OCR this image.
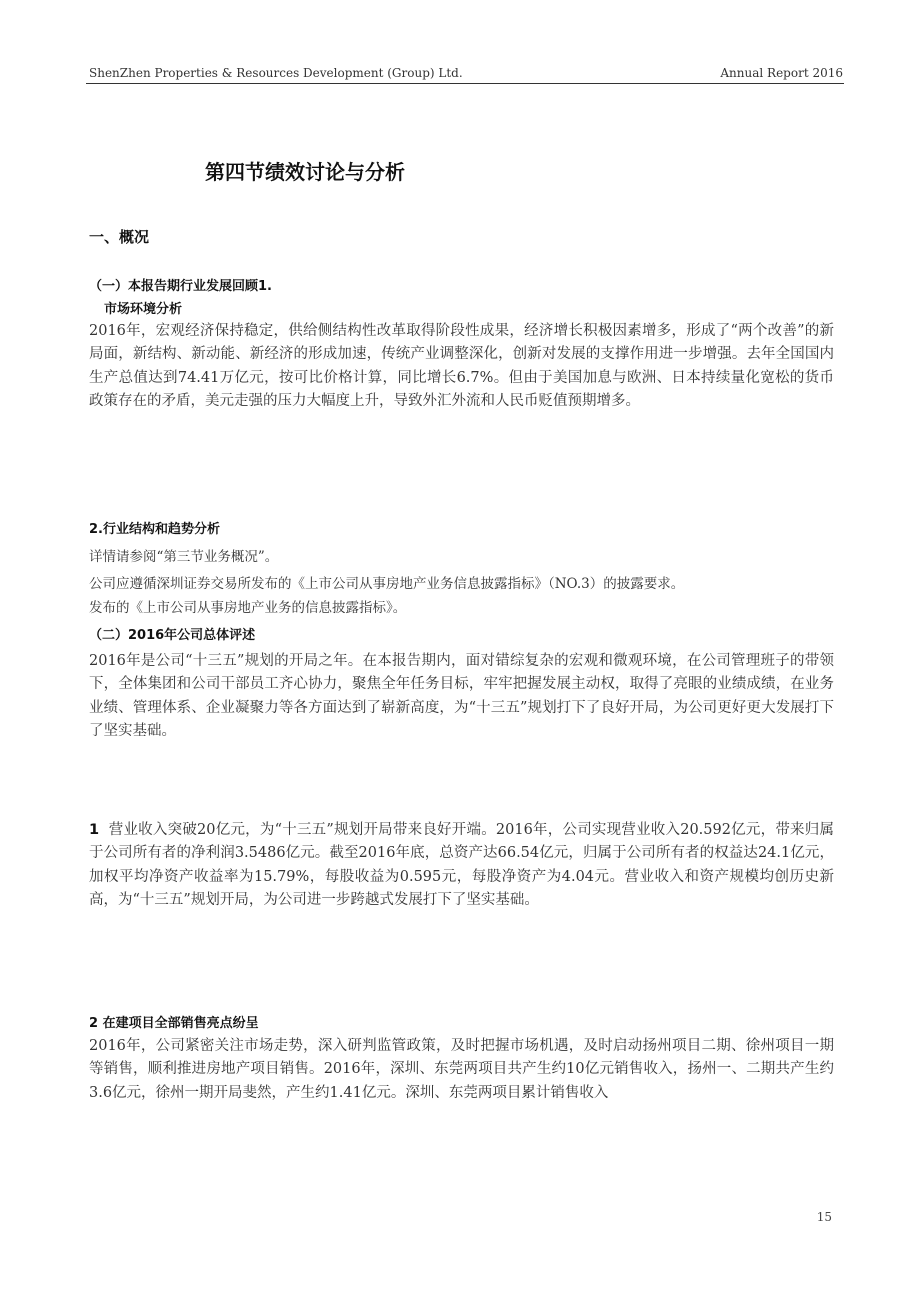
ShenZhen Properties & Resources Development (Group) Ltd.	Annual Report 2016
第四节绩效讨论与分析
一、概况
（一）本报告期行业发展回顾1.
市场环境分析
2016年，宏观经济保持稳定，供给侧结构性改革取得阶段性成果，经济增长积极因素增多，形成了“两个改善”的新局面，新结构、新动能、新经济的形成加速，传统产业调整深化，创新对发展的支撑作用进一步增强。去年全国国内生产总值达到74.41万亿元，按可比价格计算，同比增长6.7%。但由于美国加息与欧洲、日本持续量化宽松的货币政策存在的矛盾，美元走强的压力大幅度上升，导致外汇外流和人民币贬值预期增多。
2.行业结构和趋势分析
详情请参阅“第三节业务概况”。
公司应遵循深圳证券交易所发布的《上市公司从事房地产业务信息披露指标》（NO.3）的披露要求。
发布的《上市公司从事房地产业务的信息披露指标》。
（二）2016年公司总体评述
2016年是公司“十三五”规划的开局之年。在本报告期内，面对错综复杂的宏观和微观环境，在公司管理班子的带领下，全体集团和公司干部员工齐心协力，聚焦全年任务目标，牢牢把握发展主动权，取得了亮眼的业绩成绩，在业务业绩、管理体系、企业凝聚力等各方面达到了崭新高度，为“十三五”规划打下了良好开局，为公司更好更大发展打下了坚实基础。
1 营业收入突破20亿元，为“十三五”规划开局带来良好开端。2016年，公司实现营业收入20.592亿元，带来归属于公司所有者的净利润3.5486亿元。截至2016年底，总资产达66.54亿元，归属于公司所有者的权益达24.1亿元，加权平均净资产收益率为15.79%，每股收益为0.595元，每股净资产为4.04元。营业收入和资产规模均创历史新高，为“十三五”规划开局，为公司进一步跨越式发展打下了坚实基础。
2 在建项目全部销售亮点纷呈
2016年，公司紧密关注市场走势，深入研判监管政策，及时把握市场机遇，及时启动扬州项目二期、徐州项目一期等销售，顺利推进房地产项目销售。2016年，深圳、东莞两项目共产生约10亿元销售收入，扬州一、二期共产生约3.6亿元，徐州一期开局斐然，产生约1.41亿元。深圳、东莞两项目累计销售收入
15
